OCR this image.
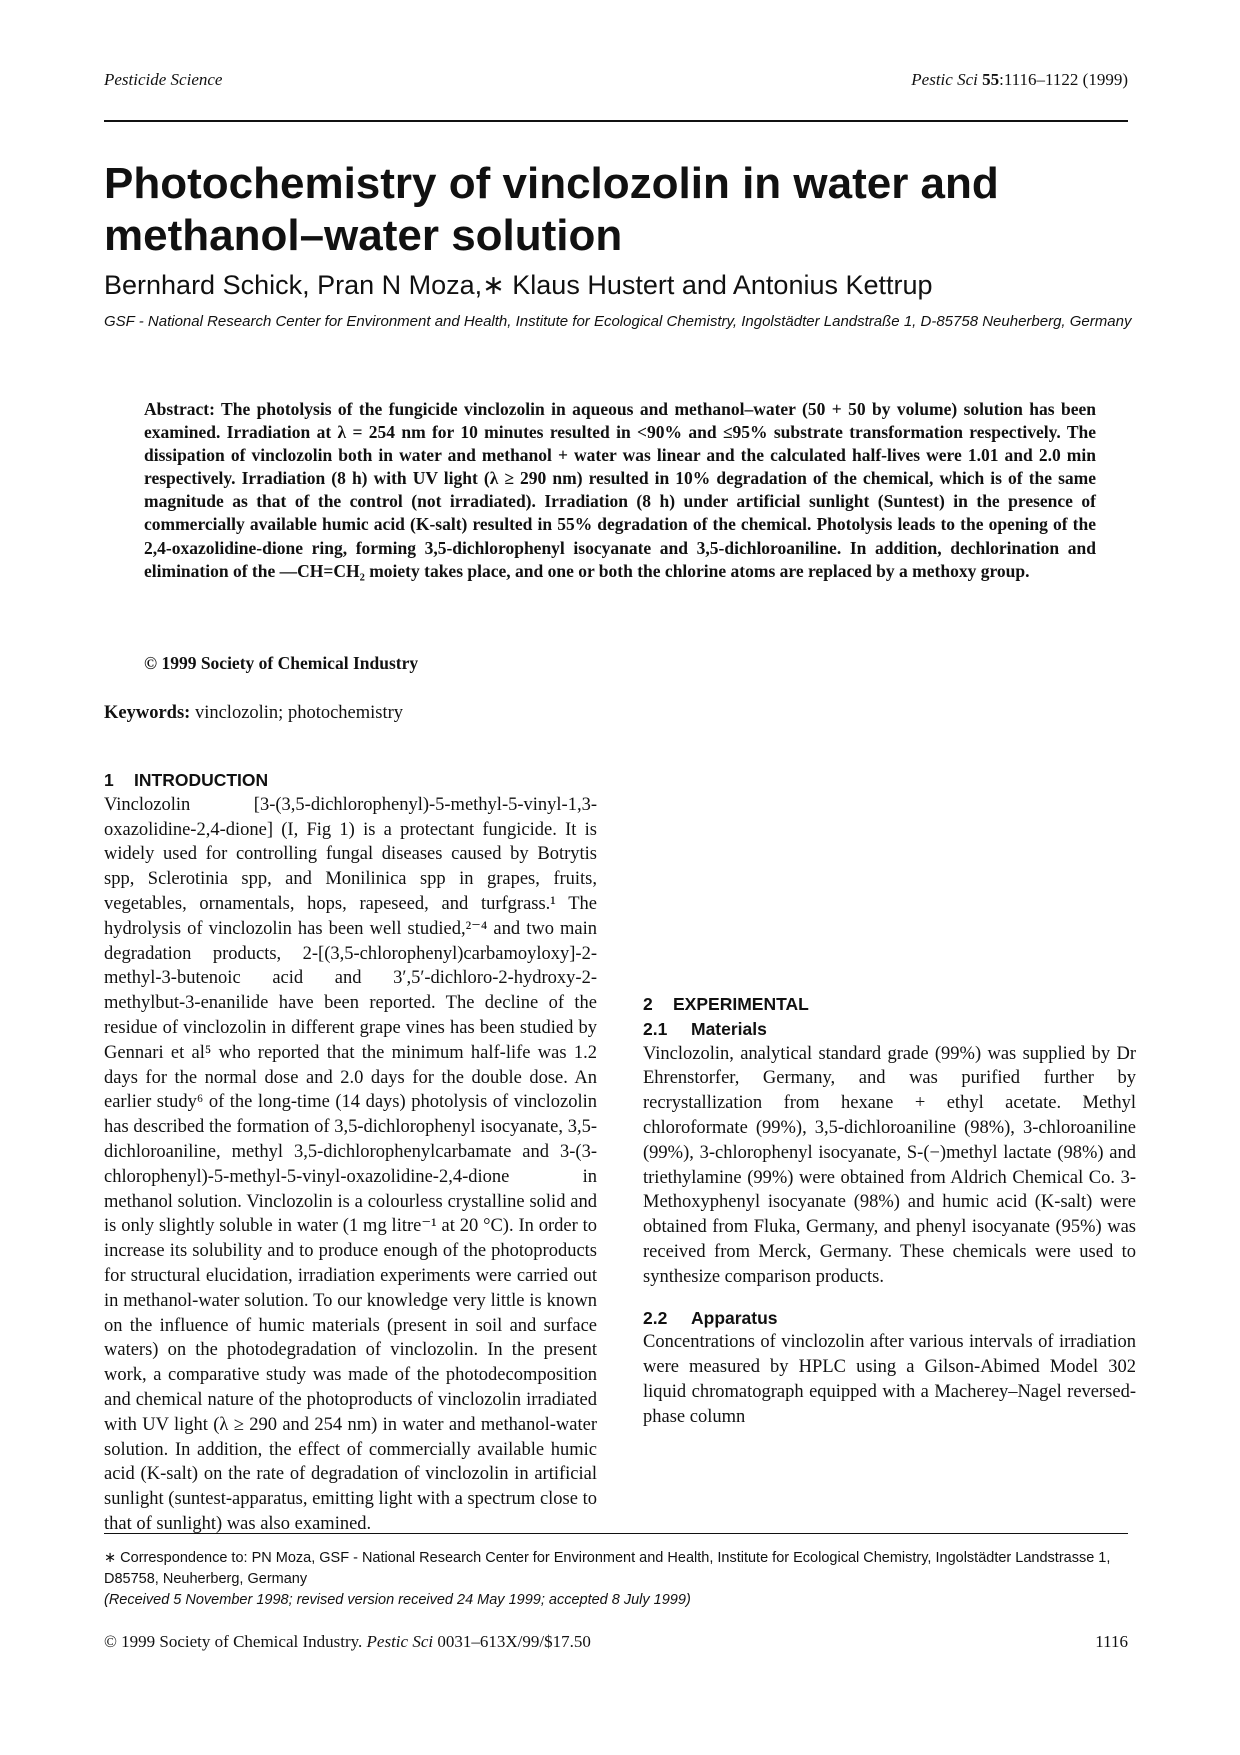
Pesticide Science	Pestic Sci 55:1116–1122 (1999)
Photochemistry of vinclozolin in water and methanol–water solution
Bernhard Schick, Pran N Moza,∗ Klaus Hustert and Antonius Kettrup
GSF - National Research Center for Environment and Health, Institute for Ecological Chemistry, Ingolstädter Landstraße 1, D-85758 Neuherberg, Germany

Abstract: The photolysis of the fungicide vinclozolin in aqueous and methanol–water (50 + 50 by volume) solution has been examined. Irradiation at λ = 254 nm for 10 minutes resulted in <90% and ≤95% substrate transformation respectively. The dissipation of vinclozolin both in water and methanol + water was linear and the calculated half-lives were 1.01 and 2.0 min respectively. Irradiation (8 h) with UV light (λ ≥ 290 nm) resulted in 10% degradation of the chemical, which is of the same magnitude as that of the control (not irradiated). Irradiation (8 h) under artificial sunlight (Suntest) in the presence of commercially available humic acid (K-salt) resulted in 55% degradation of the chemical. Photolysis leads to the opening of the 2,4-oxazolidine-dione ring, forming 3,5-dichlorophenyl isocyanate and 3,5-dichloroaniline. In addition, dechlorination and elimination of the —CH=CH₂ moiety takes place, and one or both the chlorine atoms are replaced by a methoxy group.

© 1999 Society of Chemical Industry
Keywords: vinclozolin; photochemistry
1 INTRODUCTION

Vinclozolin [3-(3,5-dichlorophenyl)-5-methyl-5-vinyl-1,3-oxazolidine-2,4-dione] (I, Fig 1) is a protectant fungicide. It is widely used for controlling fungal diseases caused by Botrytis spp, Sclerotinia spp, and Monilinica spp in grapes, fruits, vegetables, ornamentals, hops, rapeseed, and turfgrass.¹ The hydrolysis of vinclozolin has been well studied,²⁻⁴ and two main degradation products, 2-[(3,5-chlorophenyl)carbamoyloxy]-2-methyl-3-butenoic acid and 3′,5′-dichloro-2-hydroxy-2-methylbut-3-enanilide have been reported. The decline of the residue of vinclozolin in different grape vines has been studied by Gennari et al⁵ who reported that the minimum half-life was 1.2 days for the normal dose and 2.0 days for the double dose. An earlier study⁶ of the long-time (14 days) photolysis of vinclozolin has described the formation of 3,5-dichlorophenyl isocyanate, 3,5-dichloroaniline, methyl 3,5-dichlorophenylcarbamate and 3-(3-chlorophenyl)-5-methyl-5-vinyl-oxazolidine-2,4-dione in methanol solution. Vinclozolin is a colourless crystalline solid and is only slightly soluble in water (1 mg litre⁻¹ at 20 °C). In order to increase its solubility and to produce enough of the photoproducts for structural elucidation, irradiation experiments were carried out in methanol-water solution. To our knowledge very little is known on the influence of humic materials (present in soil and surface waters) on the photodegradation of vinclozolin. In the present work, a comparative study was made of the photodecomposition and chemical nature of the photoproducts of vinclozolin irradiated with UV light (λ ≥ 290 and 254 nm) in water and methanol-water solution. In addition, the effect of commercially available humic acid (K-salt) on the rate of degradation of vinclozolin in artificial sunlight (suntest-apparatus, emitting light with a spectrum close to that of sunlight) was also examined.

2 EXPERIMENTAL
2.1 Materials

Vinclozolin, analytical standard grade (99%) was supplied by Dr Ehrenstorfer, Germany, and was purified further by recrystallization from hexane + ethyl acetate. Methyl chloroformate (99%), 3,5-dichloroaniline (98%), 3-chloroaniline (99%), 3-chlorophenyl isocyanate, S-(−)methyl lactate (98%) and triethylamine (99%) were obtained from Aldrich Chemical Co. 3-Methoxyphenyl isocyanate (98%) and humic acid (K-salt) were obtained from Fluka, Germany, and phenyl isocyanate (95%) was received from Merck, Germany. These chemicals were used to synthesize comparison products.

2.2 Apparatus

Concentrations of vinclozolin after various intervals of irradiation were measured by HPLC using a Gilson-Abimed Model 302 liquid chromatograph equipped with a Macherey–Nagel reversed-phase column

∗ Correspondence to: PN Moza, GSF - National Research Center for Environment and Health, Institute for Ecological Chemistry, Ingolstädter Landstrasse 1, D85758, Neuherberg, Germany
(Received 5 November 1998; revised version received 24 May 1999; accepted 8 July 1999)
© 1999 Society of Chemical Industry. Pestic Sci 0031–613X/99/$17.50	1116
